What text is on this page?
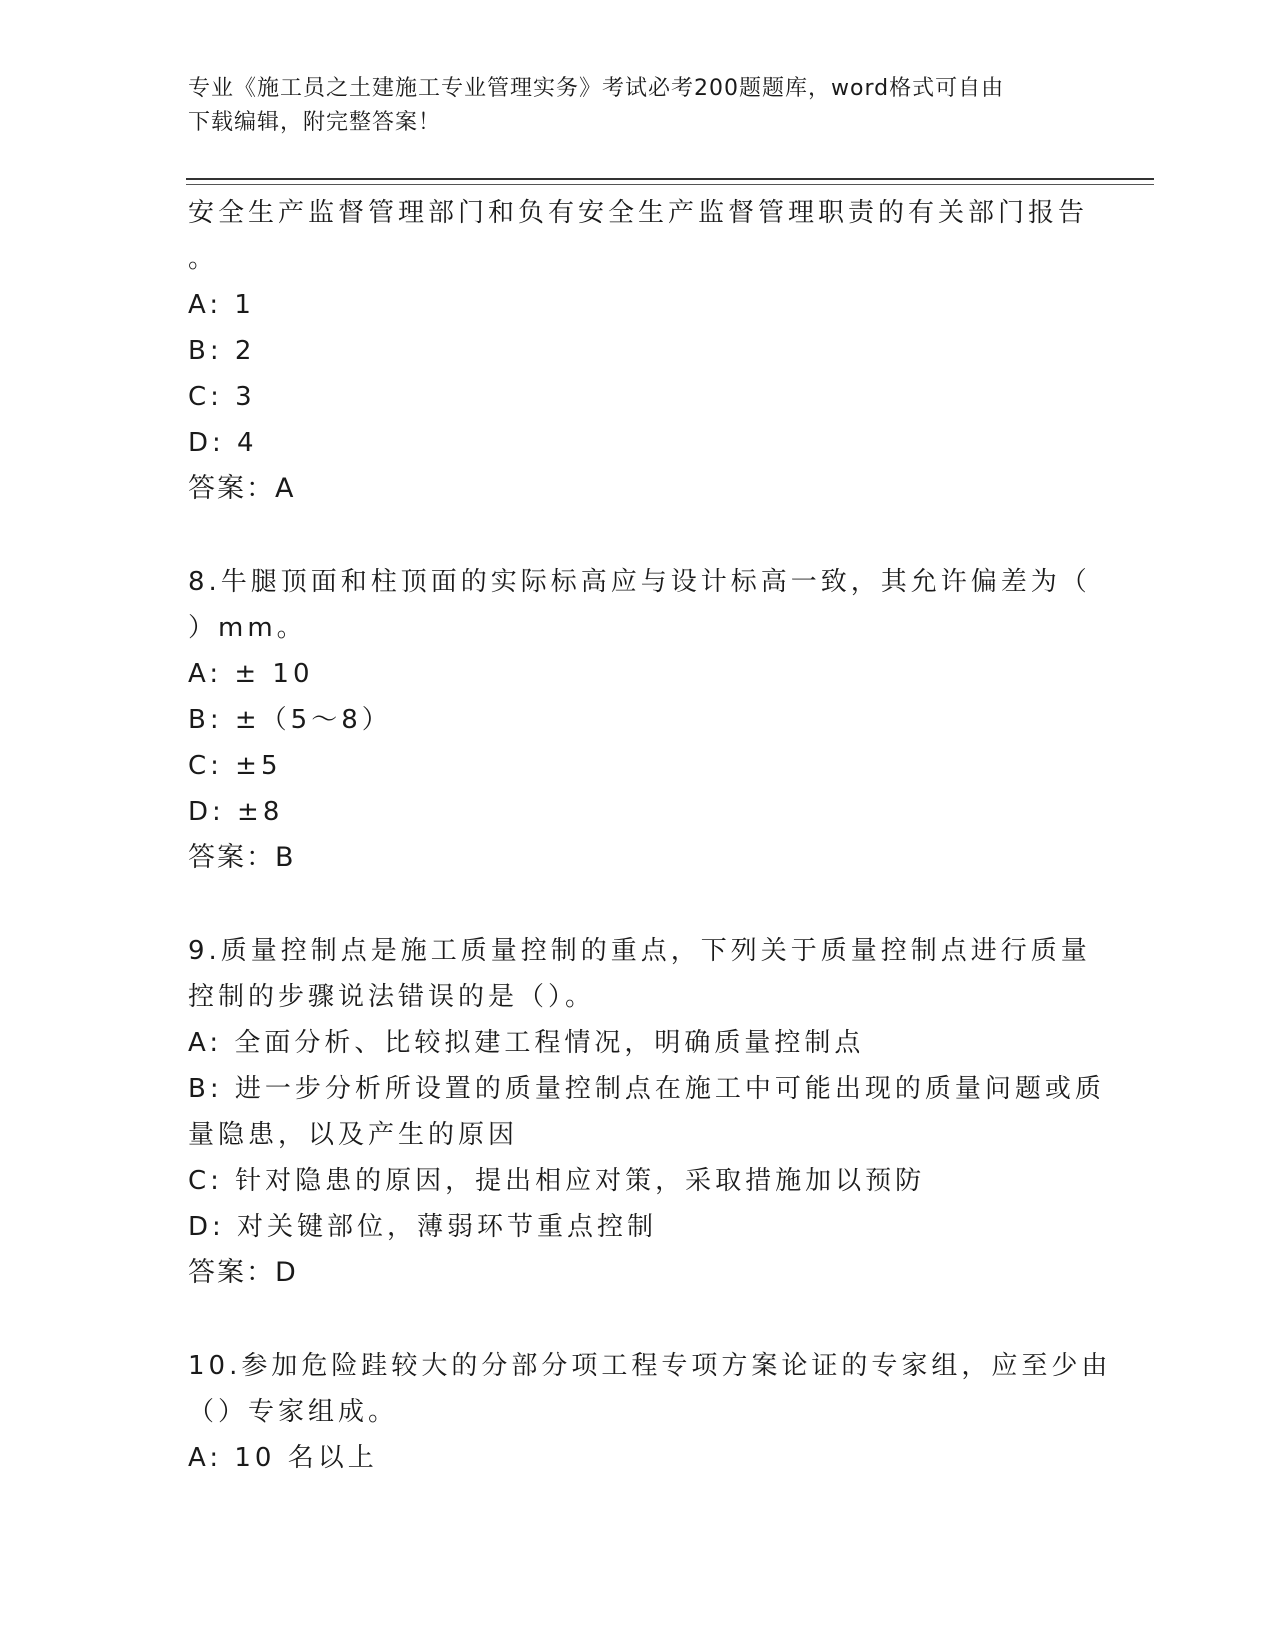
专业《施工员之土建施工专业管理实务》考试必考200题题库，word格式可自由
下载编辑，附完整答案！
安全生产监督管理部门和负有安全生产监督管理职责的有关部门报告
。
A: 1
B: 2
C: 3
D: 4
答案：A
8.牛腿顶面和柱顶面的实际标高应与设计标高一致，其允许偏差为（
）mm。
A: ± 10
B: ±（5～8）
C: ±5
D: ±8
答案：B
9.质量控制点是施工质量控制的重点，下列关于质量控制点进行质量
控制的步骤说法错误的是（）。
A: 全面分析、比较拟建工程情况，明确质量控制点
B: 进一步分析所设置的质量控制点在施工中可能出现的质量问题或质
量隐患，以及产生的原因
C: 针对隐患的原因，提出相应对策，采取措施加以预防
D: 对关键部位，薄弱环节重点控制
答案：D
10.参加危险跬较大的分部分项工程专项方案论证的专家组，应至少由
（）专家组成。
A: 10 名以上
